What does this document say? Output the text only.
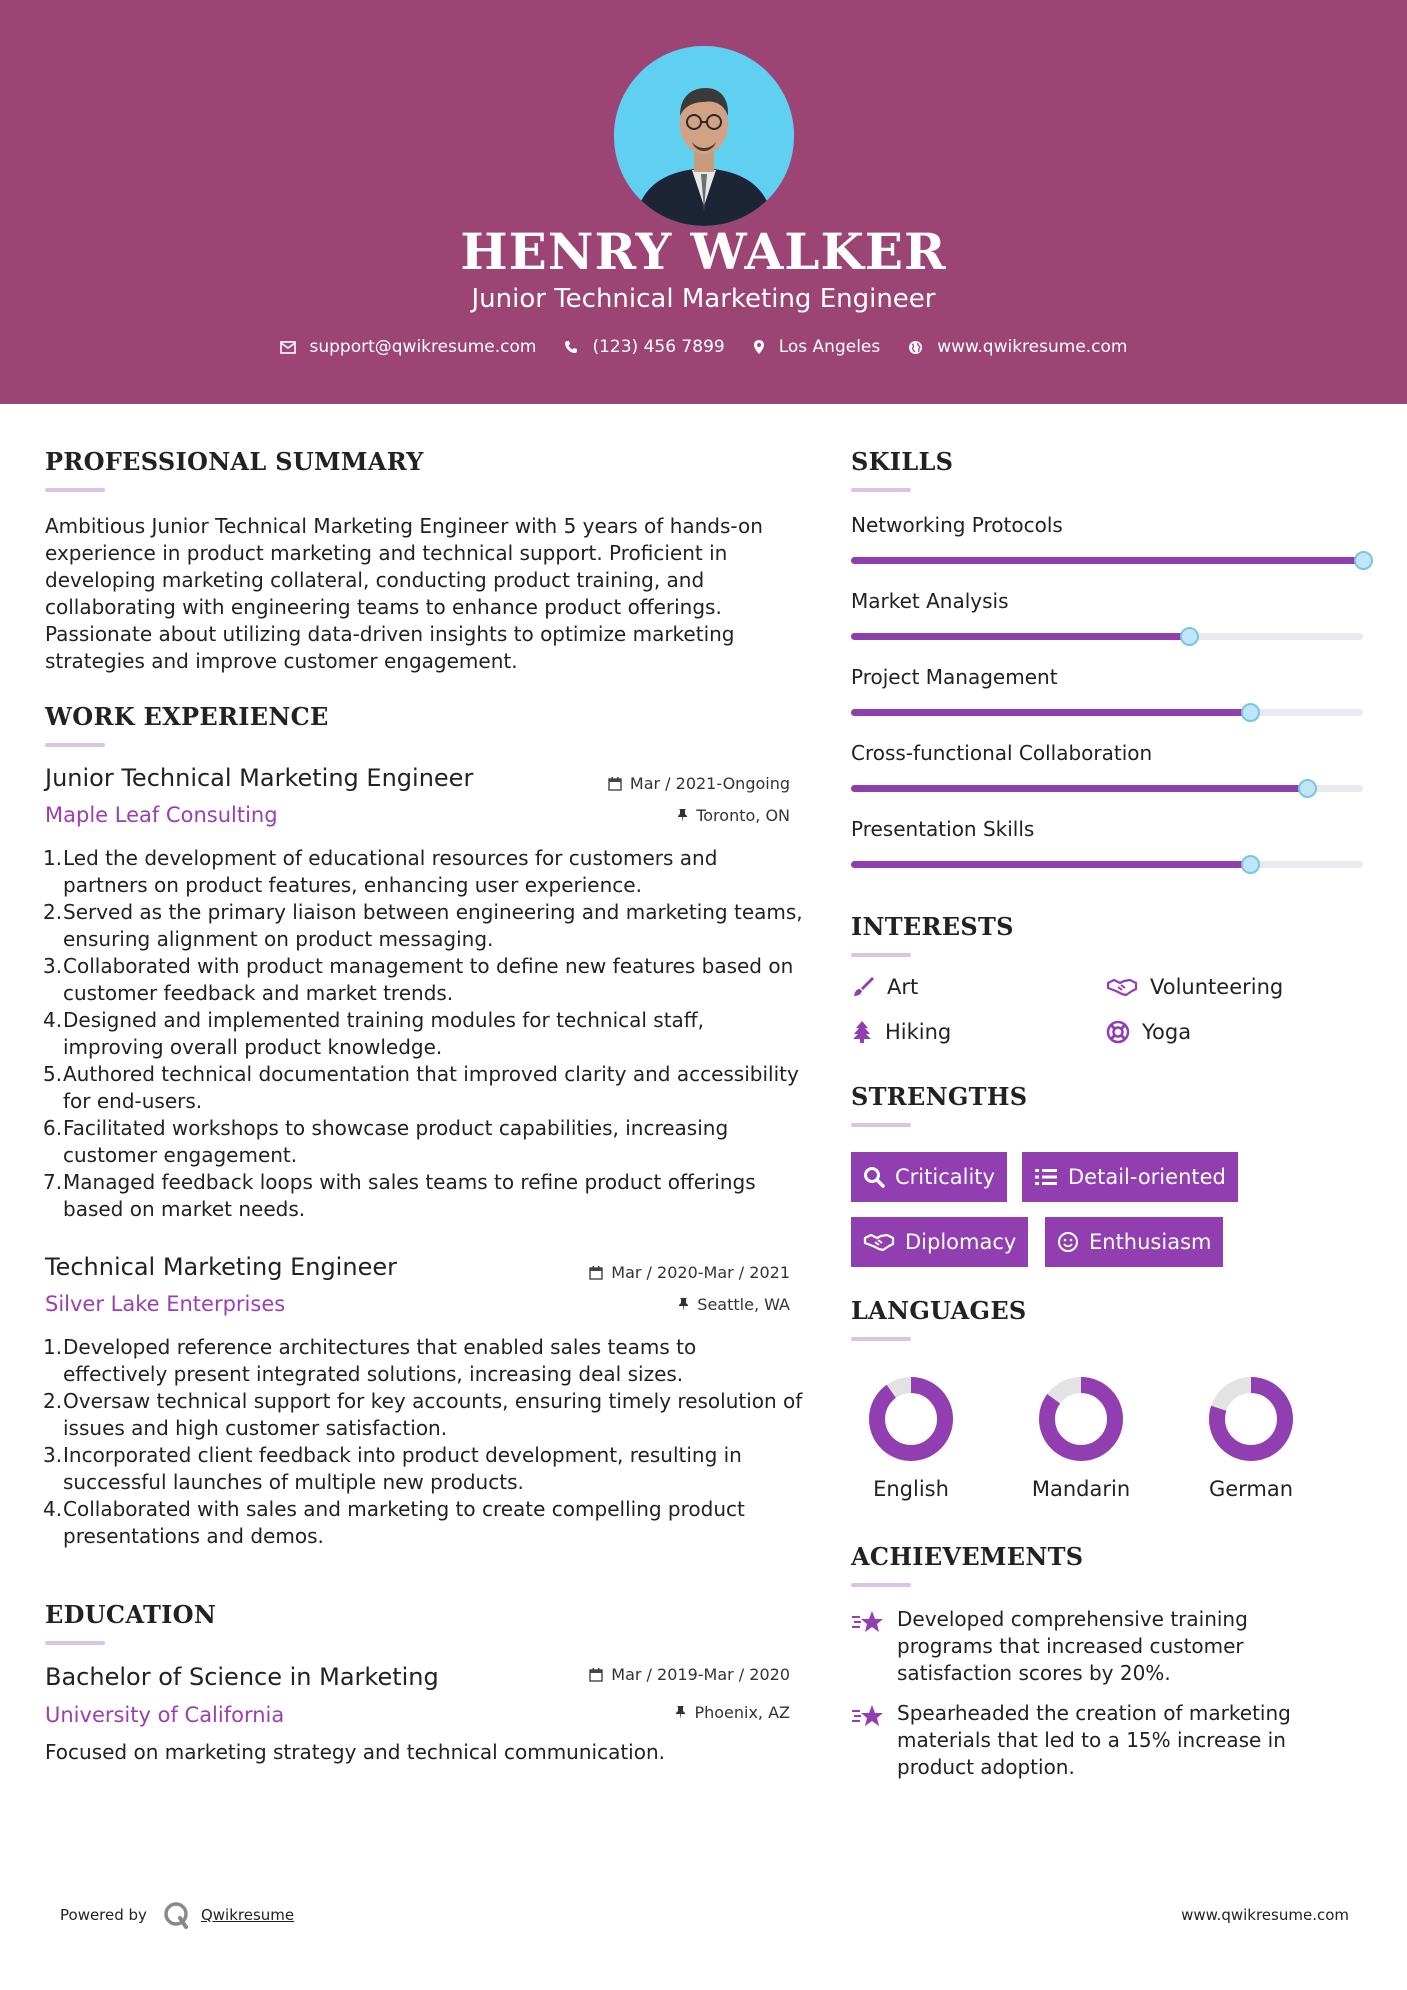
HENRY WALKER
Junior Technical Marketing Engineer
support@qwikresume.com	(123) 456 7899	Los Angeles	www.qwikresume.com
PROFESSIONAL SUMMARY
Ambitious Junior Technical Marketing Engineer with 5 years of hands-on experience in product marketing and technical support. Proficient in developing marketing collateral, conducting product training, and collaborating with engineering teams to enhance product offerings. Passionate about utilizing data-driven insights to optimize marketing strategies and improve customer engagement.
WORK EXPERIENCE
Junior Technical Marketing Engineer	Mar / 2021-Ongoing
Maple Leaf Consulting	Toronto, ON
1. Led the development of educational resources for customers and partners on product features, enhancing user experience.
2. Served as the primary liaison between engineering and marketing teams, ensuring alignment on product messaging.
3. Collaborated with product management to define new features based on customer feedback and market trends.
4. Designed and implemented training modules for technical staff, improving overall product knowledge.
5. Authored technical documentation that improved clarity and accessibility for end-users.
6. Facilitated workshops to showcase product capabilities, increasing customer engagement.
7. Managed feedback loops with sales teams to refine product offerings based on market needs.
Technical Marketing Engineer	Mar / 2020-Mar / 2021
Silver Lake Enterprises	Seattle, WA
1. Developed reference architectures that enabled sales teams to effectively present integrated solutions, increasing deal sizes.
2. Oversaw technical support for key accounts, ensuring timely resolution of issues and high customer satisfaction.
3. Incorporated client feedback into product development, resulting in successful launches of multiple new products.
4. Collaborated with sales and marketing to create compelling product presentations and demos.
EDUCATION
Bachelor of Science in Marketing	Mar / 2019-Mar / 2020
University of California	Phoenix, AZ
Focused on marketing strategy and technical communication.
SKILLS
Networking Protocols
Market Analysis
Project Management
Cross-functional Collaboration
Presentation Skills
INTERESTS
Art	Volunteering
Hiking	Yoga
STRENGTHS
Criticality	Detail-oriented
Diplomacy	Enthusiasm
LANGUAGES
English	Mandarin	German
ACHIEVEMENTS
Developed comprehensive training programs that increased customer satisfaction scores by 20%.
Spearheaded the creation of marketing materials that led to a 15% increase in product adoption.
Powered by	Qwikresume	www.qwikresume.com
